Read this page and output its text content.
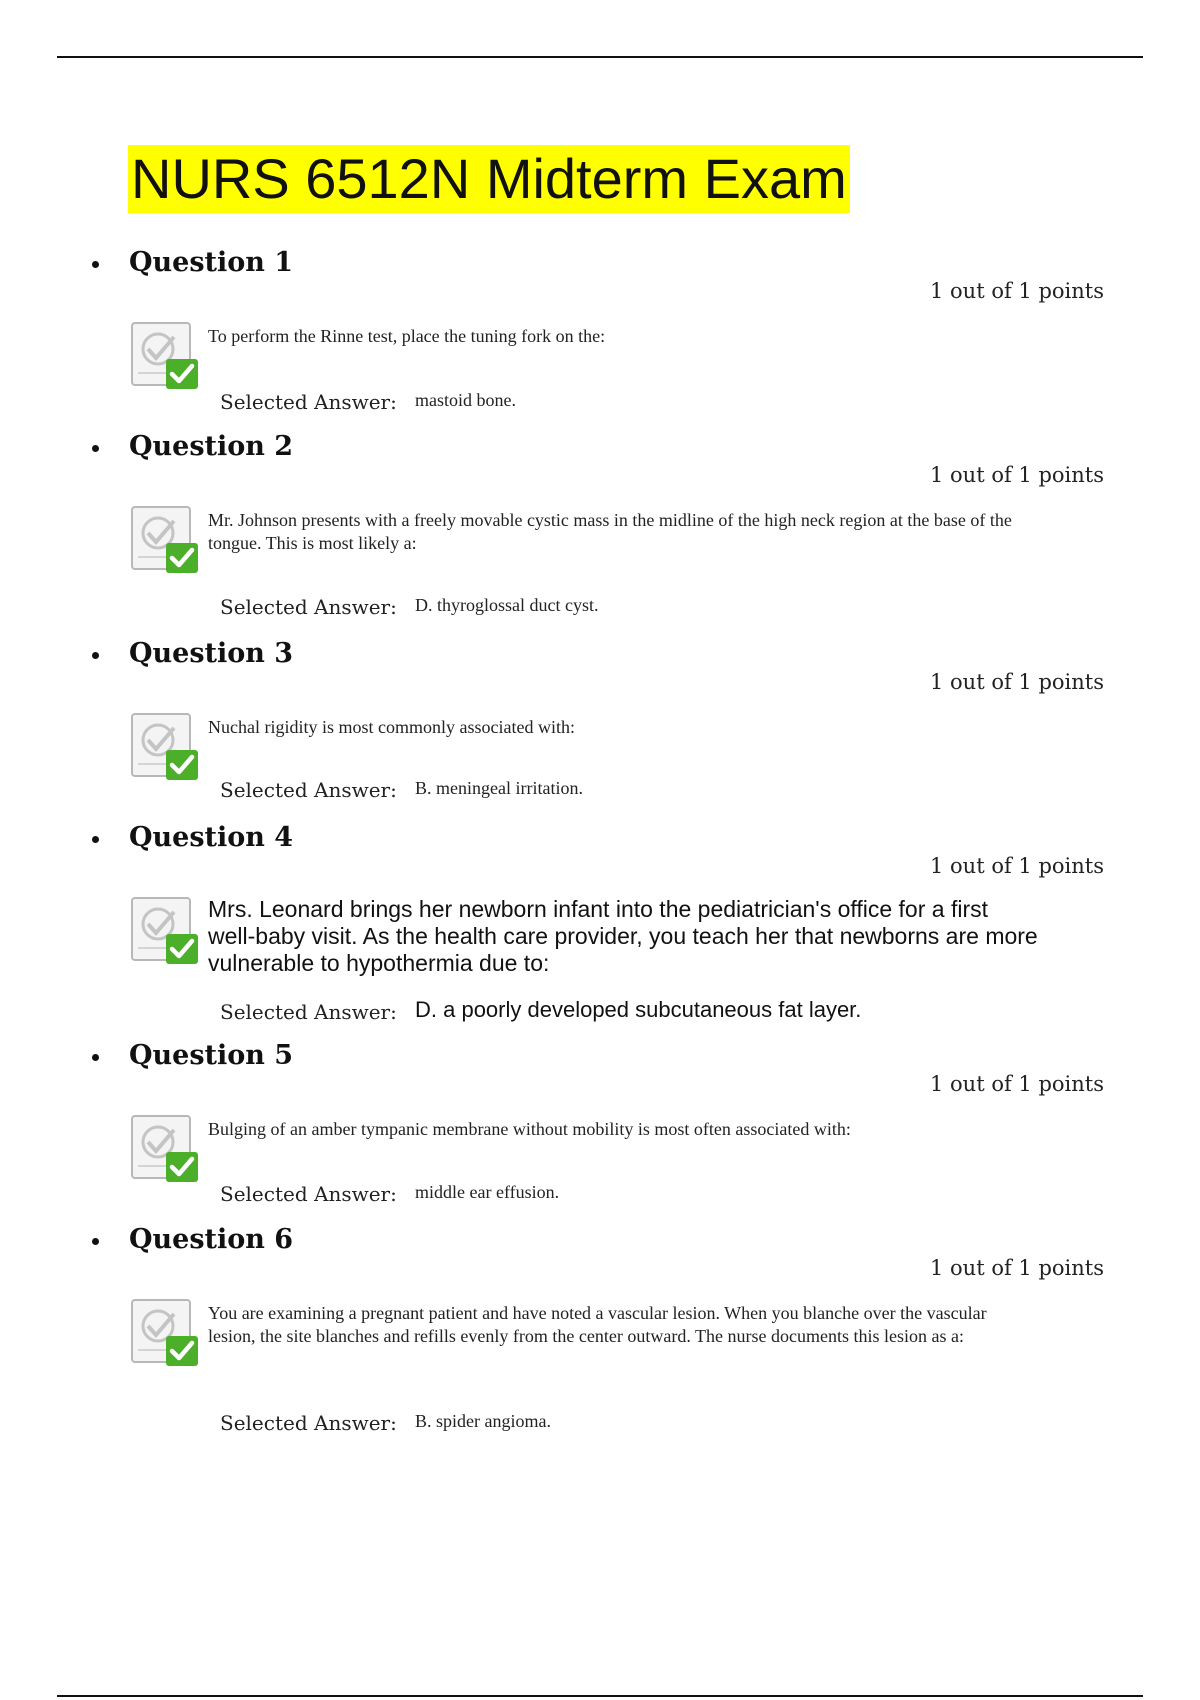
NURS 6512N Midterm Exam
Question 1
1 out of 1 points
To perform the Rinne test, place the tuning fork on the:
Selected Answer: mastoid bone.
Question 2
1 out of 1 points
Mr. Johnson presents with a freely movable cystic mass in the midline of the high neck region at the base of the tongue. This is most likely a:
Selected Answer: D. thyroglossal duct cyst.
Question 3
1 out of 1 points
Nuchal rigidity is most commonly associated with:
Selected Answer: B. meningeal irritation.
Question 4
1 out of 1 points
Mrs. Leonard brings her newborn infant into the pediatrician's office for a first well-baby visit. As the health care provider, you teach her that newborns are more vulnerable to hypothermia due to:
Selected Answer: D. a poorly developed subcutaneous fat layer.
Question 5
1 out of 1 points
Bulging of an amber tympanic membrane without mobility is most often associated with:
Selected Answer: middle ear effusion.
Question 6
1 out of 1 points
You are examining a pregnant patient and have noted a vascular lesion. When you blanche over the vascular lesion, the site blanches and refills evenly from the center outward. The nurse documents this lesion as a:
Selected Answer: B. spider angioma.
